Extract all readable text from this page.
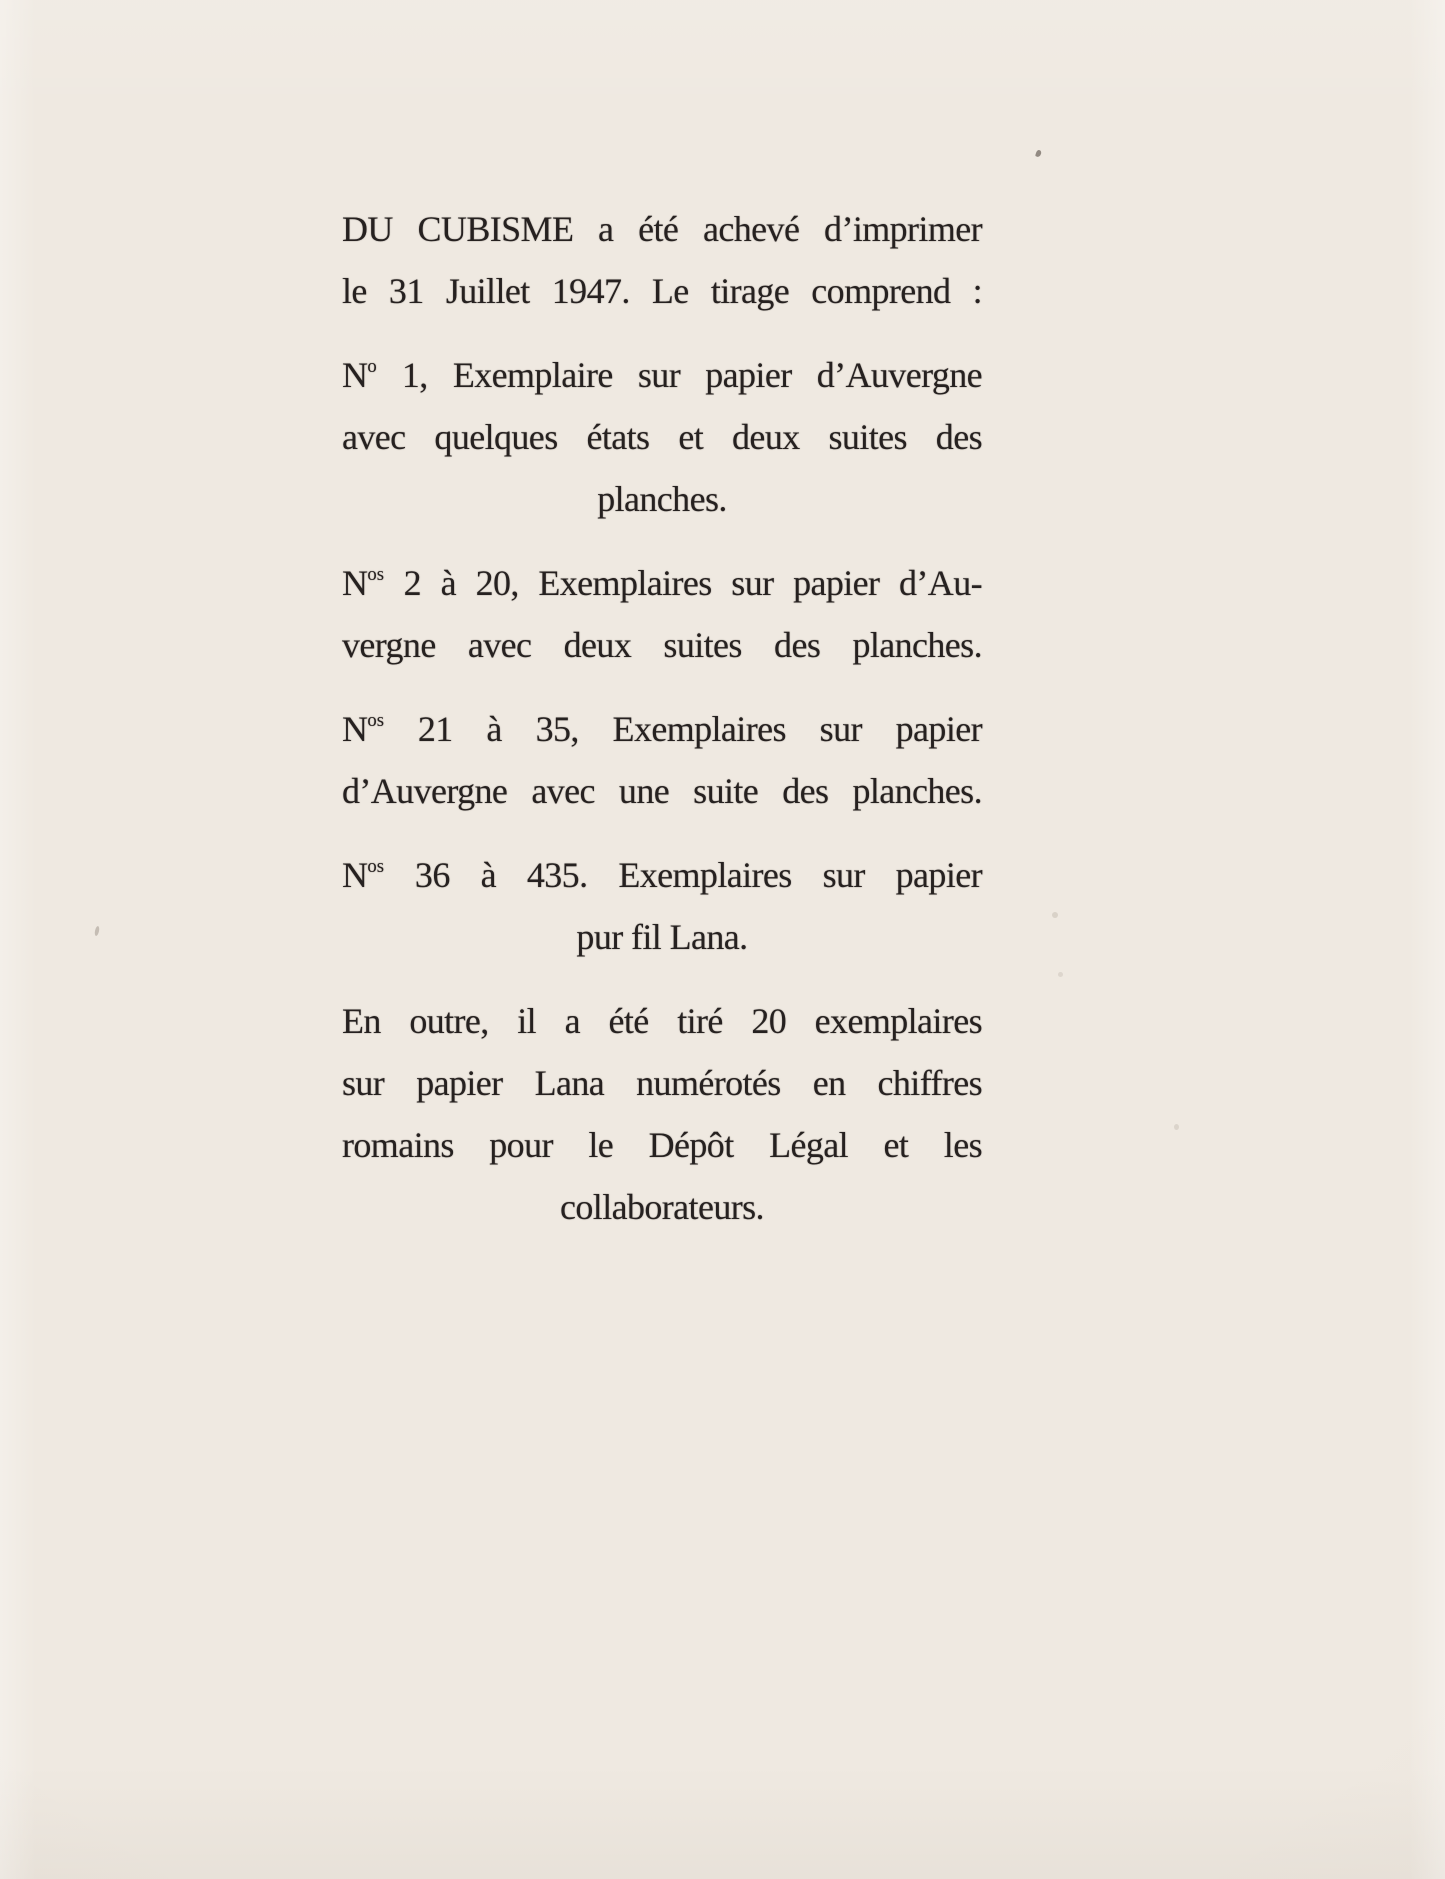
DU CUBISME a été achevé d’imprimer
le 31 Juillet 1947. Le tirage comprend :
$N^o$ 1, Exemplaire sur papier d’Auvergne
avec quelques états et deux suites des
planches.
$N^{os}$ 2 à 20, Exemplaires sur papier d’Au-
vergne avec deux suites des planches.
$N^{os}$ 21 à 35, Exemplaires sur papier
d’Auvergne avec une suite des planches.
$N^{os}$ 36 à 435. Exemplaires sur papier
pur fil Lana.
En outre, il a été tiré 20 exemplaires
sur papier Lana numérotés en chiffres
romains pour le Dépôt Légal et les
collaborateurs.
